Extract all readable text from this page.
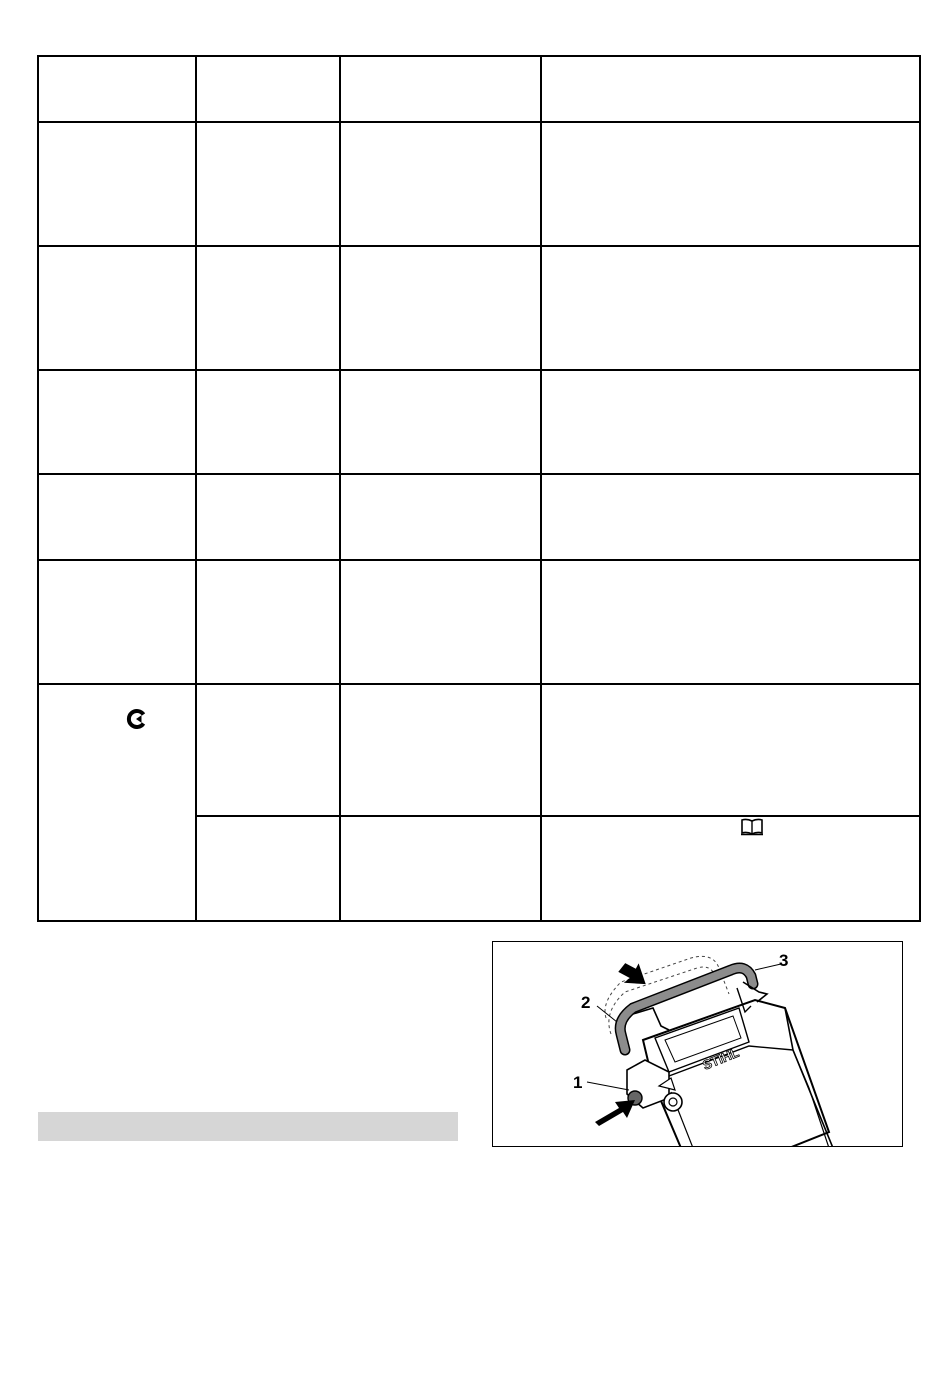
STIHL
1
2
3
